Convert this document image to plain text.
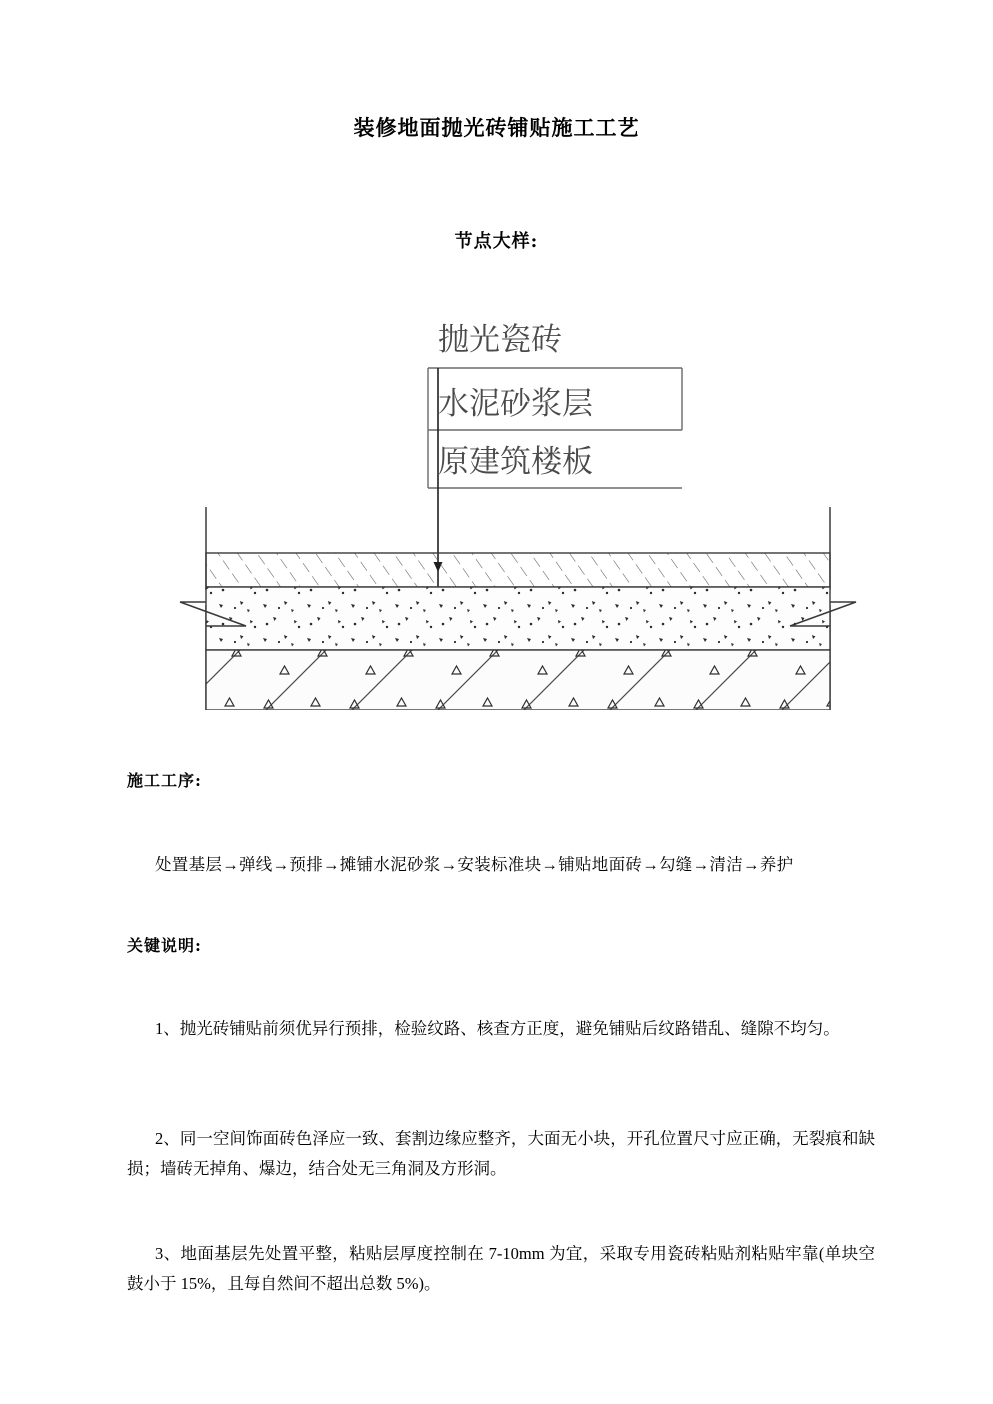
装修地面抛光砖铺贴施工工艺
节点大样:
抛光瓷砖
水泥砂浆层
原建筑楼板
施工工序:
处置基层→弹线→预排→摊铺水泥砂浆→安装标准块→铺贴地面砖→勾缝→清洁→养护
关键说明:
1、抛光砖铺贴前须优异行预排，检验纹路、核查方正度，避免铺贴后纹路错乱、缝隙不均匀。
2、同一空间饰面砖色泽应一致、套割边缘应整齐，大面无小块，开孔位置尺寸应正确，无裂痕和缺损；墙砖无掉角、爆边，结合处无三角洞及方形洞。
3、地面基层先处置平整，粘贴层厚度控制在 7-10mm 为宜，采取专用瓷砖粘贴剂粘贴牢靠(单块空鼓小于 15%，且每自然间不超出总数 5%)。
